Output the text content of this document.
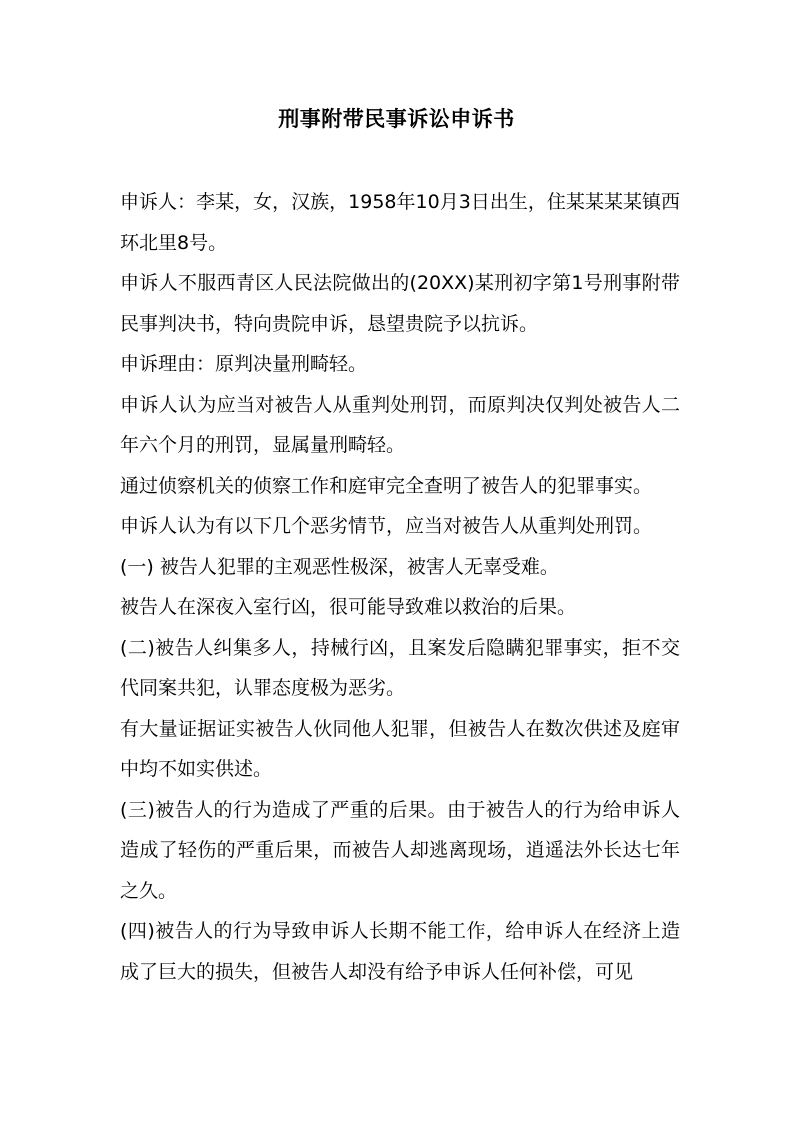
刑事附带民事诉讼申诉书

申诉人：李某，女，汉族，1958年10月3日出生，住某某某某镇西环北里8号。

申诉人不服西青区人民法院做出的(20XX)某刑初字第1号刑事附带民事判决书，特向贵院申诉，恳望贵院予以抗诉。

申诉理由：原判决量刑畸轻。

申诉人认为应当对被告人从重判处刑罚，而原判决仅判处被告人二年六个月的刑罚，显属量刑畸轻。

通过侦察机关的侦察工作和庭审完全查明了被告人的犯罪事实。

申诉人认为有以下几个恶劣情节，应当对被告人从重判处刑罚。

(一) 被告人犯罪的主观恶性极深，被害人无辜受难。

被告人在深夜入室行凶，很可能导致难以救治的后果。

(二)被告人纠集多人，持械行凶，且案发后隐瞒犯罪事实，拒不交代同案共犯，认罪态度极为恶劣。

有大量证据证实被告人伙同他人犯罪，但被告人在数次供述及庭审中均不如实供述。

(三)被告人的行为造成了严重的后果。由于被告人的行为给申诉人造成了轻伤的严重后果，而被告人却逃离现场，逍遥法外长达七年之久。

(四)被告人的行为导致申诉人长期不能工作，给申诉人在经济上造成了巨大的损失，但被告人却没有给予申诉人任何补偿，可见
